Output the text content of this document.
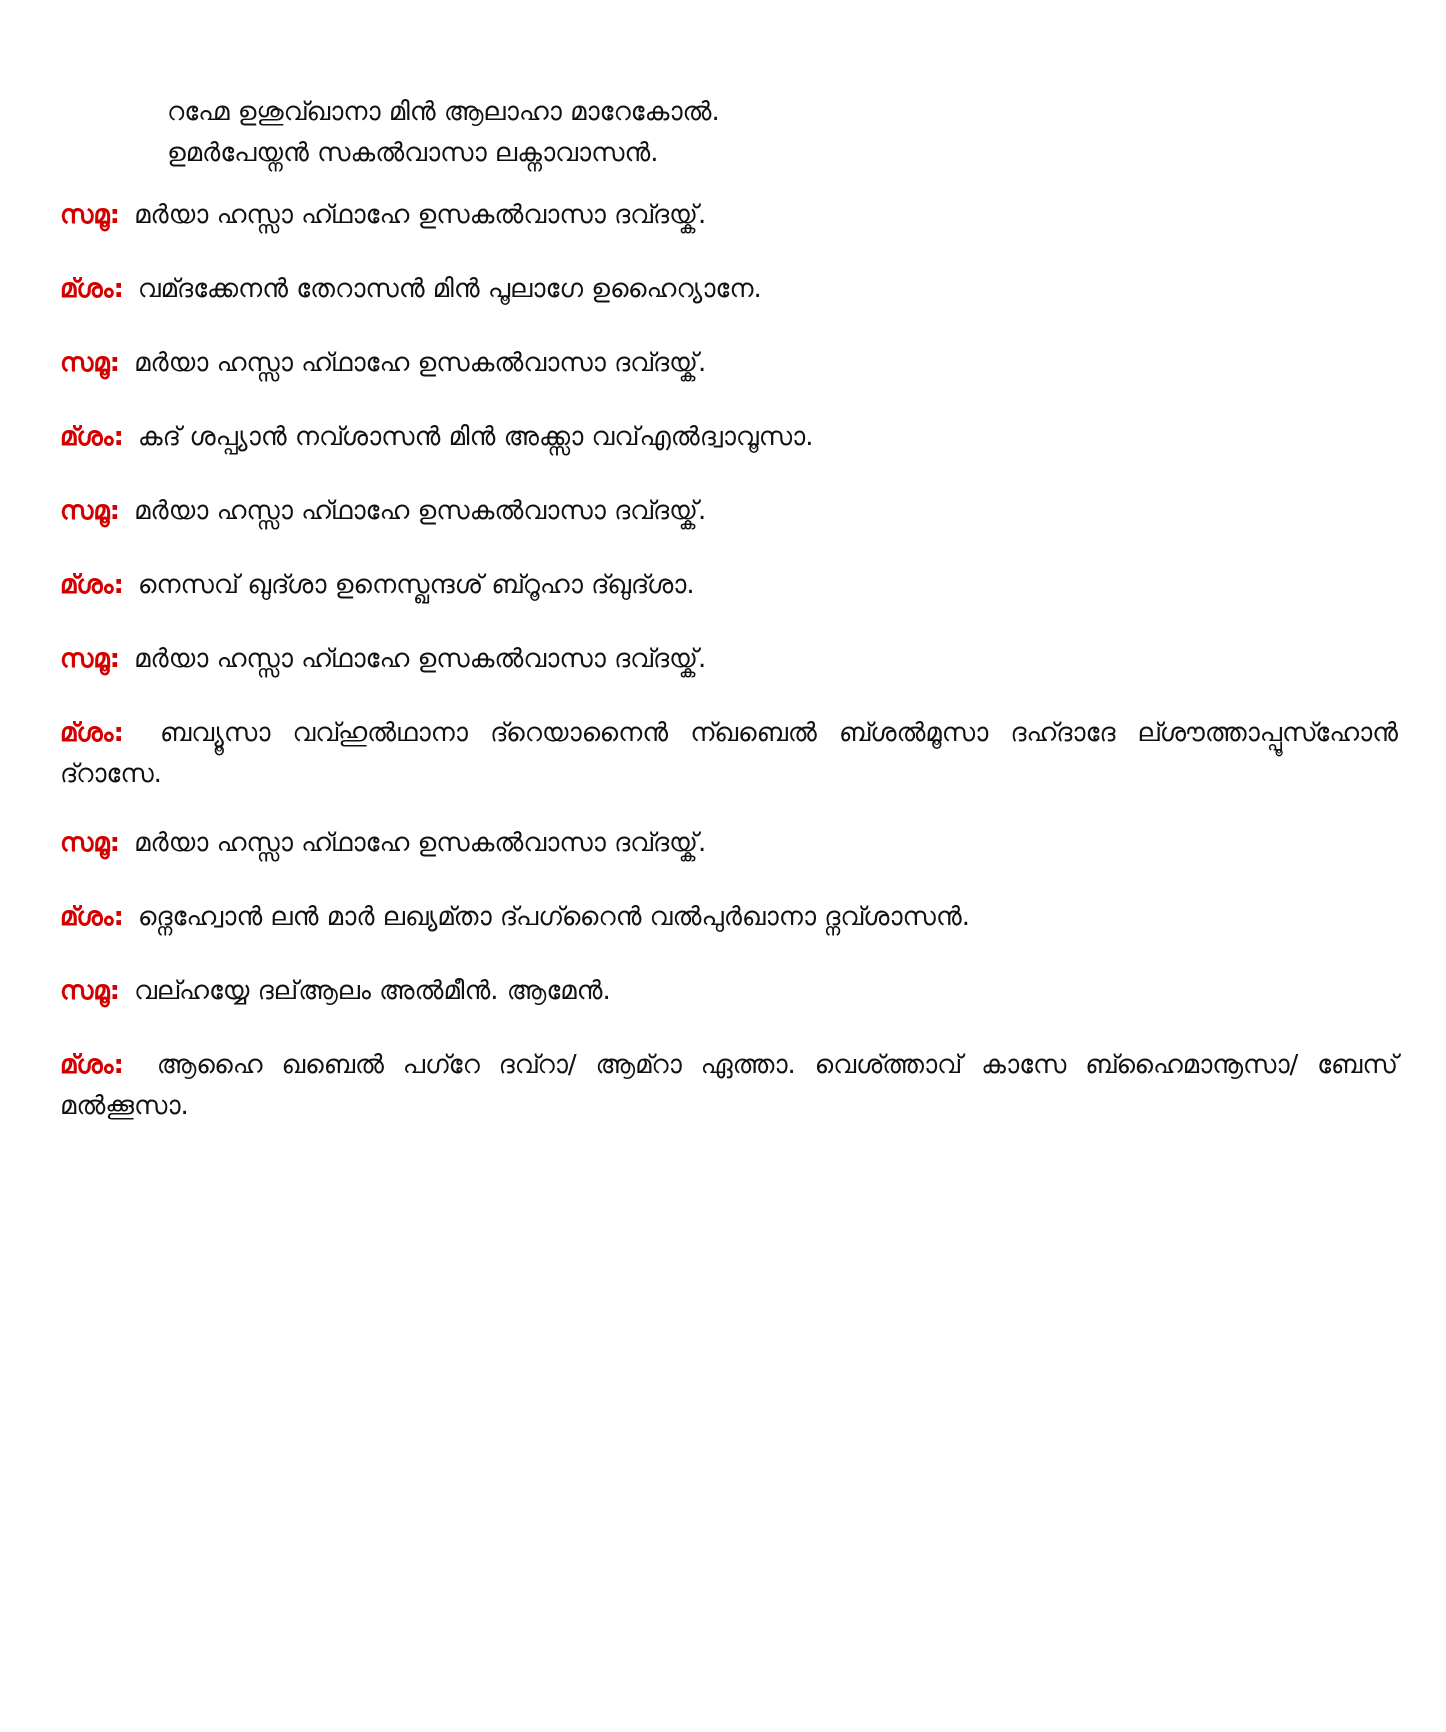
റഹ്മേ ഉശുവ്ഖാനാ മിൻ ആലാഹാ മാറേകോൽ.
ഉമർപേയ്നൻ സകൽവാസാ ലക്നാവാസൻ.
സമൂ: മർയാ ഹസ്സാ ഹ്ഥാഹേ ഉസകൽവാസാ ദവ്ദയ്ക്.
മ്ശം: വമ്ദക്കേനൻ തേറാസൻ മിൻ പൂലാഗേ ഉഹൈറ്യാനേ.
സമൂ: മർയാ ഹസ്സാ ഹ്ഥാഹേ ഉസകൽവാസാ ദവ്ദയ്ക്.
മ്ശം: കദ് ശപ്പ്യാൻ നവ്ശാസൻ മിൻ അക്ക്സാ വവ്എൽദ്വാവൂസാ.
സമൂ: മർയാ ഹസ്സാ ഹ്ഥാഹേ ഉസകൽവാസാ ദവ്ദയ്ക്.
മ്ശം: നെസവ് ഖുദ്ശാ ഉനെസ്ഖന്ദശ് ബ്റൂഹാ ദ്ഖുദ്ശാ.
സമൂ: മർയാ ഹസ്സാ ഹ്ഥാഹേ ഉസകൽവാസാ ദവ്ദയ്ക്.
മ്ശം: ബവ്യൂസാ വവ്ഹുൽഥാനാ ദ്റെയാനൈൻ ന്ഖബെൽ ബ്ശൽമൂസാ ദഹ്ദാദേ ല്ശൗത്താപ്പൂസ്ഹോൻ ദ്റാസേ.
സമൂ: മർയാ ഹസ്സാ ഹ്ഥാഹേ ഉസകൽവാസാ ദവ്ദയ്ക്.
മ്ശം: ദ്നെഹ്വോൻ ലൻ മാർ ലഖ്യമ്താ ദ്പഗ്റൈൻ വൽപുർഖാനാ ദ്നവ്ശാസൻ.
സമൂ: വല്ഹയ്യേ ദല്ആലം അൽമീൻ. ആമേൻ.
മ്ശം: ആഹൈ ഖബെൽ പഗ്റേ ദവ്റാ/ ആമ്റാ ഏത്താ. വെശ്ത്താവ് കാസേ ബ്ഹൈമാനൂസാ/ ബേസ് മൽക്കൂസാ.
